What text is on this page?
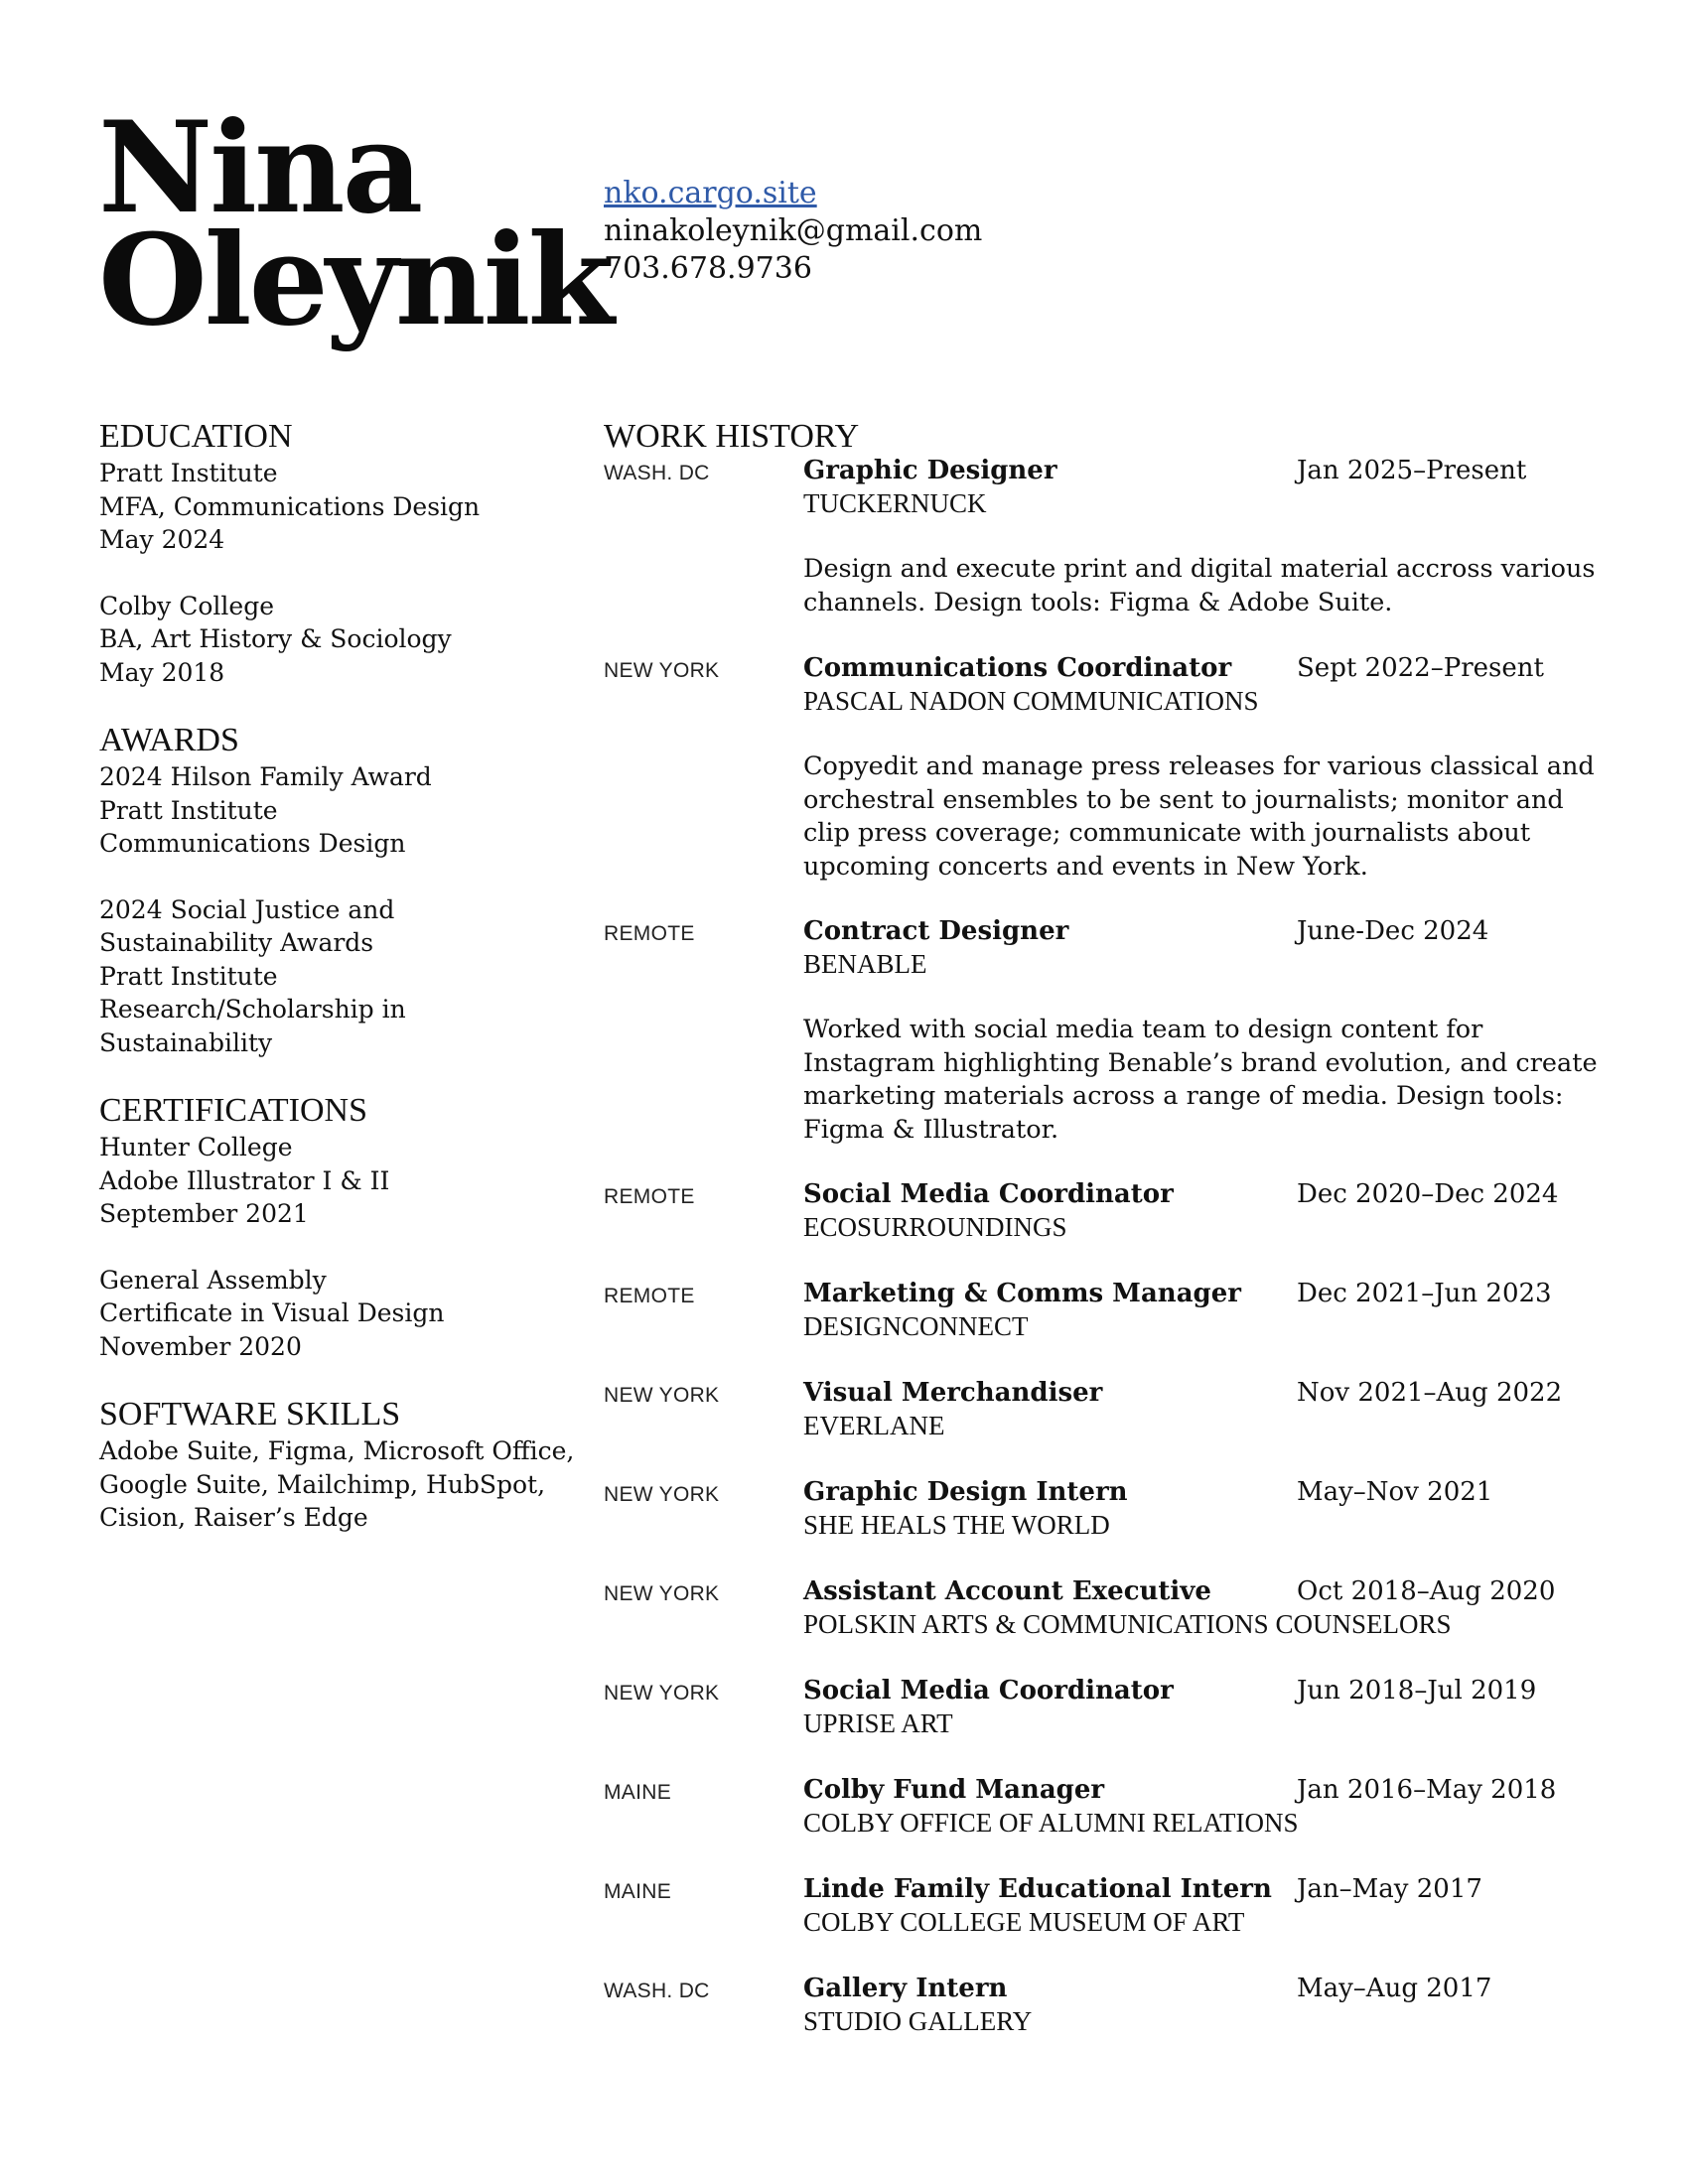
Nina
Oleynik
nko.cargo.site
ninakoleynik@gmail.com
703.678.9736
EDUCATION
Pratt Institute
MFA, Communications Design
May 2024
Colby College
BA, Art History & Sociology
May 2018
AWARDS
2024 Hilson Family Award
Pratt Institute
Communications Design
2024 Social Justice and
Sustainability Awards
Pratt Institute
Research/Scholarship in
Sustainability
CERTIFICATIONS
Hunter College
Adobe Illustrator I & II
September 2021
General Assembly
Certificate in Visual Design
November 2020
SOFTWARE SKILLS
Adobe Suite, Figma, Microsoft Office,
Google Suite, Mailchimp, HubSpot,
Cision, Raiser’s Edge
WORK HISTORY
WASH. DC	Graphic Designer
TUCKERNUCK
Jan 2025–Present
Design and execute print and digital material accross various channels. Design tools: Figma & Adobe Suite.
NEW YORK	Communications Coordinator
PASCAL NADON COMMUNICATIONS
Sept 2022–Present
Copyedit and manage press releases for various classical and orchestral ensembles to be sent to journalists; monitor and clip press coverage; communicate with journalists about upcoming concerts and events in New York.
REMOTE	Contract Designer
BENABLE
June-Dec 2024
Worked with social media team to design content for Instagram highlighting Benable’s brand evolution, and create marketing materials across a range of media. Design tools: Figma & Illustrator.
REMOTE	Social Media Coordinator
ECOSURROUNDINGS
Dec 2020–Dec 2024
REMOTE	Marketing & Comms Manager
DESIGNCONNECT
Dec 2021–Jun 2023
NEW YORK	Visual Merchandiser
EVERLANE
Nov 2021–Aug 2022
NEW YORK	Graphic Design Intern
SHE HEALS THE WORLD
May–Nov 2021
NEW YORK	Assistant Account Executive
POLSKIN ARTS & COMMUNICATIONS COUNSELORS
Oct 2018–Aug 2020
NEW YORK	Social Media Coordinator
UPRISE ART
Jun 2018–Jul 2019
MAINE	Colby Fund Manager
COLBY OFFICE OF ALUMNI RELATIONS
Jan 2016–May 2018
MAINE	Linde Family Educational Intern
COLBY COLLEGE MUSEUM OF ART
Jan–May 2017
WASH. DC	Gallery Intern
STUDIO GALLERY
May–Aug 2017
